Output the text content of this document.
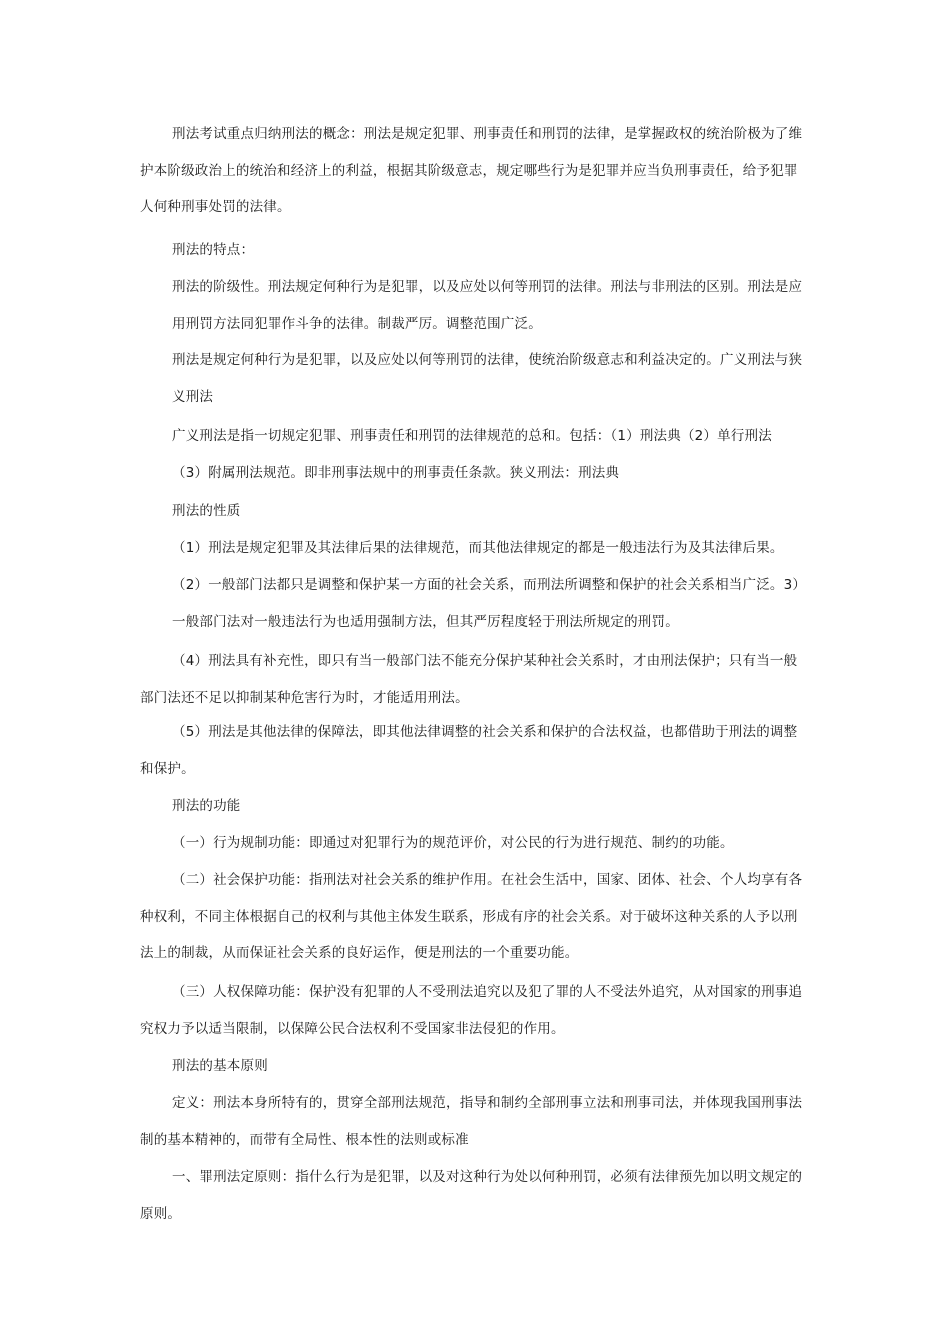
刑法考试重点归纳刑法的概念：刑法是规定犯罪、刑事责任和刑罚的法律，是掌握政权的统治阶极为了维
护本阶级政治上的统治和经济上的利益，根据其阶级意志，规定哪些行为是犯罪并应当负刑事责任，给予犯罪
人何种刑事处罚的法律。
刑法的特点：
刑法的阶级性。刑法规定何种行为是犯罪，以及应处以何等刑罚的法律。刑法与非刑法的区别。刑法是应
用刑罚方法同犯罪作斗争的法律。制裁严厉。调整范围广泛。
刑法是规定何种行为是犯罪，以及应处以何等刑罚的法律，使统治阶级意志和利益决定的。广义刑法与狭
义刑法
广义刑法是指一切规定犯罪、刑事责任和刑罚的法律规范的总和。包括：（1）刑法典（2）单行刑法
（3）附属刑法规范。即非刑事法规中的刑事责任条款。狭义刑法：刑法典
刑法的性质
（1）刑法是规定犯罪及其法律后果的法律规范，而其他法律规定的都是一般违法行为及其法律后果。
（2）一般部门法都只是调整和保护某一方面的社会关系，而刑法所调整和保护的社会关系相当广泛。3）
一般部门法对一般违法行为也适用强制方法，但其严厉程度轻于刑法所规定的刑罚。
（4）刑法具有补充性，即只有当一般部门法不能充分保护某种社会关系时，才由刑法保护；只有当一般
部门法还不足以抑制某种危害行为时，才能适用刑法。
（5）刑法是其他法律的保障法，即其他法律调整的社会关系和保护的合法权益，也都借助于刑法的调整
和保护。
刑法的功能
（一）行为规制功能：即通过对犯罪行为的规范评价，对公民的行为进行规范、制约的功能。
（二）社会保护功能：指刑法对社会关系的维护作用。在社会生活中，国家、团体、社会、个人均享有各
种权利，不同主体根据自己的权利与其他主体发生联系，形成有序的社会关系。对于破坏这种关系的人予以刑
法上的制裁，从而保证社会关系的良好运作，便是刑法的一个重要功能。
（三）人权保障功能：保护没有犯罪的人不受刑法追究以及犯了罪的人不受法外追究，从对国家的刑事追
究权力予以适当限制，以保障公民合法权利不受国家非法侵犯的作用。
刑法的基本原则
定义：刑法本身所特有的，贯穿全部刑法规范，指导和制约全部刑事立法和刑事司法，并体现我国刑事法
制的基本精神的，而带有全局性、根本性的法则或标准
一、罪刑法定原则：指什么行为是犯罪，以及对这种行为处以何种刑罚，必须有法律预先加以明文规定的
原则。
